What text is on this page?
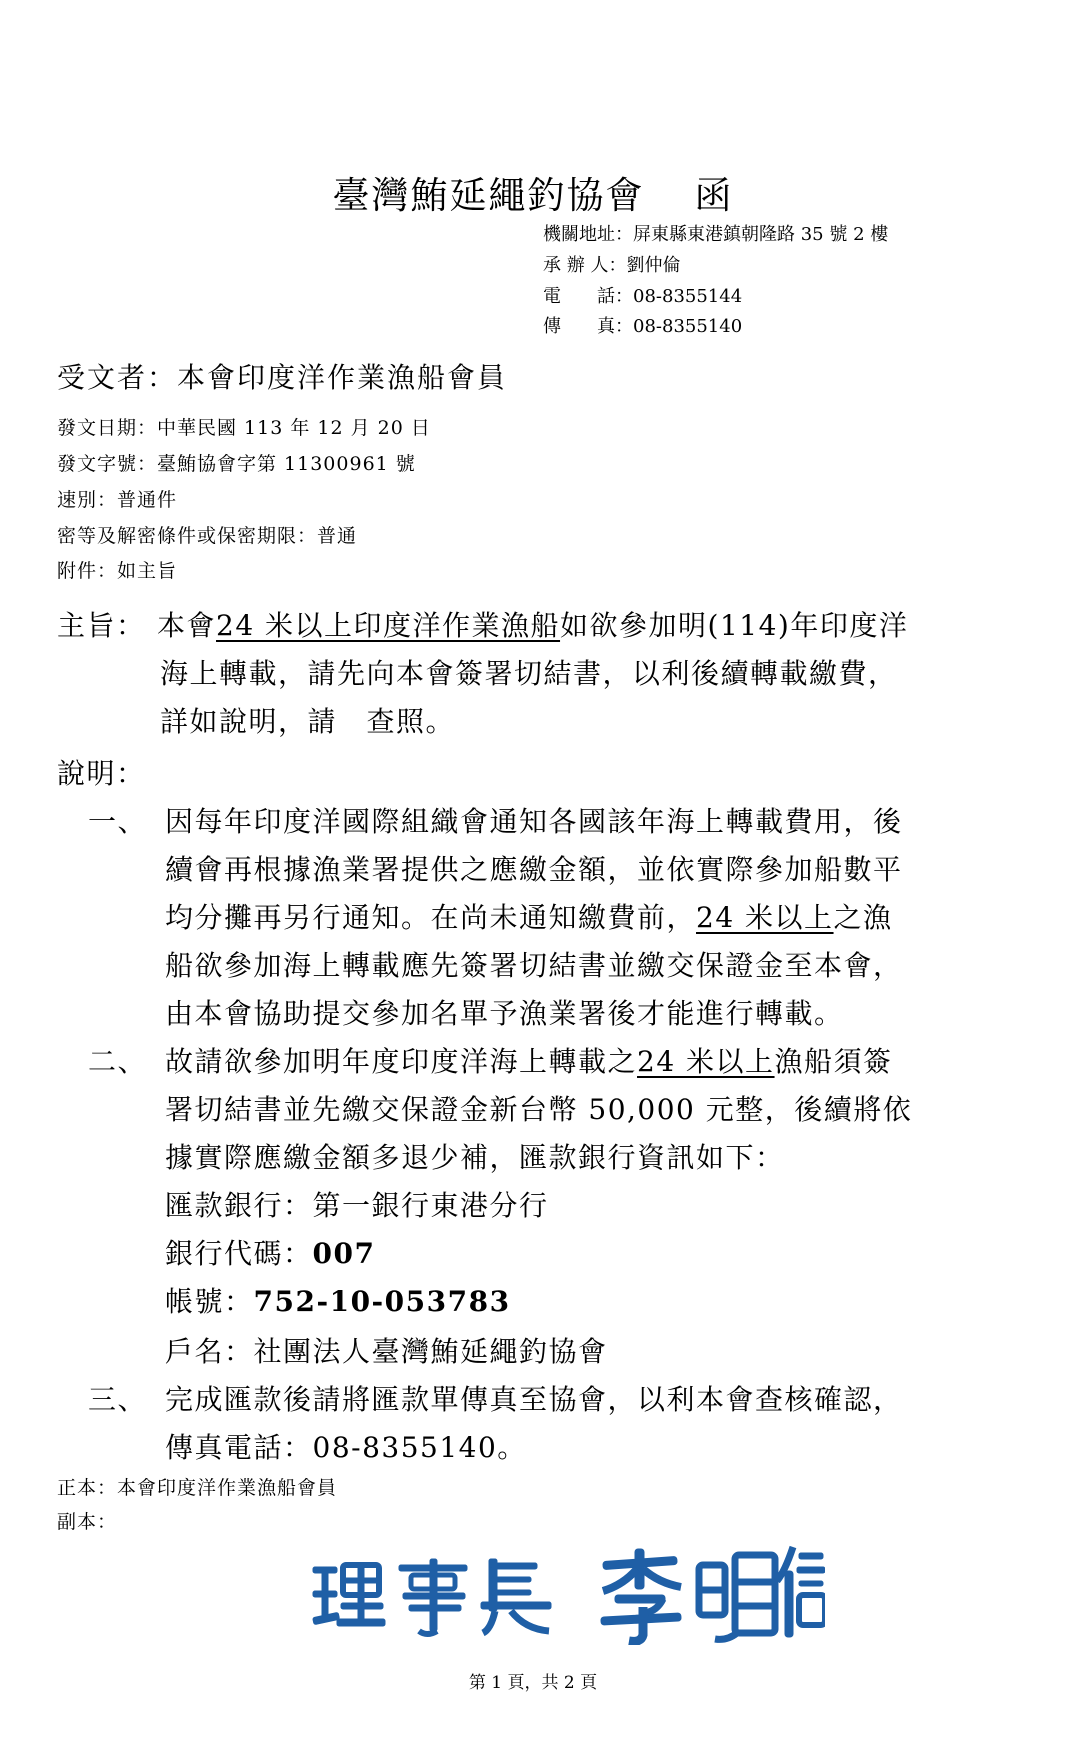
臺灣鮪延繩釣協會 函
機關地址：屏東縣東港鎮朝隆路 35 號 2 樓
承 辦 人：劉仲倫
電　　話：08-8355144
傳　　真：08-8355140
受文者：本會印度洋作業漁船會員
發文日期：中華民國 113 年 12 月 20 日
發文字號：臺鮪協會字第 11300961 號
速別：普通件
密等及解密條件或保密期限：普通
附件：如主旨
主旨： 本會24 米以上印度洋作業漁船如欲參加明(114)年印度洋
海上轉載，請先向本會簽署切結書，以利後續轉載繳費，
詳如說明，請　查照。
說明：
一、 因每年印度洋國際組織會通知各國該年海上轉載費用，後
續會再根據漁業署提供之應繳金額，並依實際參加船數平
均分攤再另行通知。在尚未通知繳費前，24 米以上之漁
船欲參加海上轉載應先簽署切結書並繳交保證金至本會，
由本會協助提交參加名單予漁業署後才能進行轉載。
二、 故請欲參加明年度印度洋海上轉載之24 米以上漁船須簽
署切結書並先繳交保證金新台幣 50,000 元整，後續將依
據實際應繳金額多退少補，匯款銀行資訊如下：
匯款銀行：第一銀行東港分行
銀行代碼：007
帳號：752-10-053783
戶名：社團法人臺灣鮪延繩釣協會
三、 完成匯款後請將匯款單傳真至協會，以利本會查核確認，
傳真電話：08-8355140。
正本：本會印度洋作業漁船會員
副本：
第 1 頁，共 2 頁
